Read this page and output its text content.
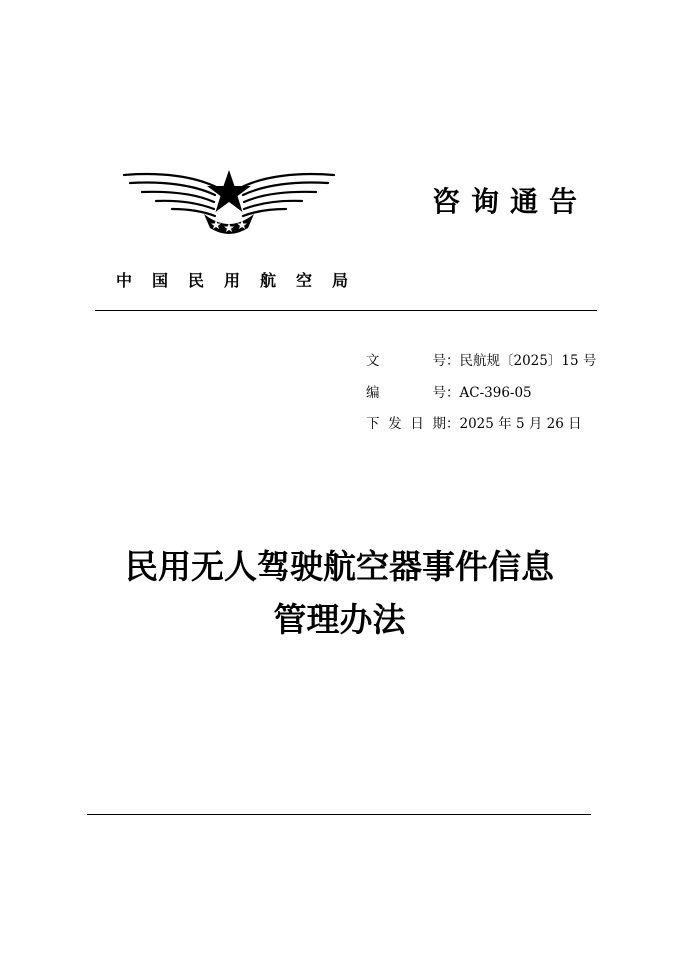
咨询通告
中国民用航空局
文号 ： 民航规〔2025〕15 号
编号 ： AC-396-05
下发日期 ： 2025 年 5 月 26 日
民用无人驾驶航空器事件信息
管理办法
